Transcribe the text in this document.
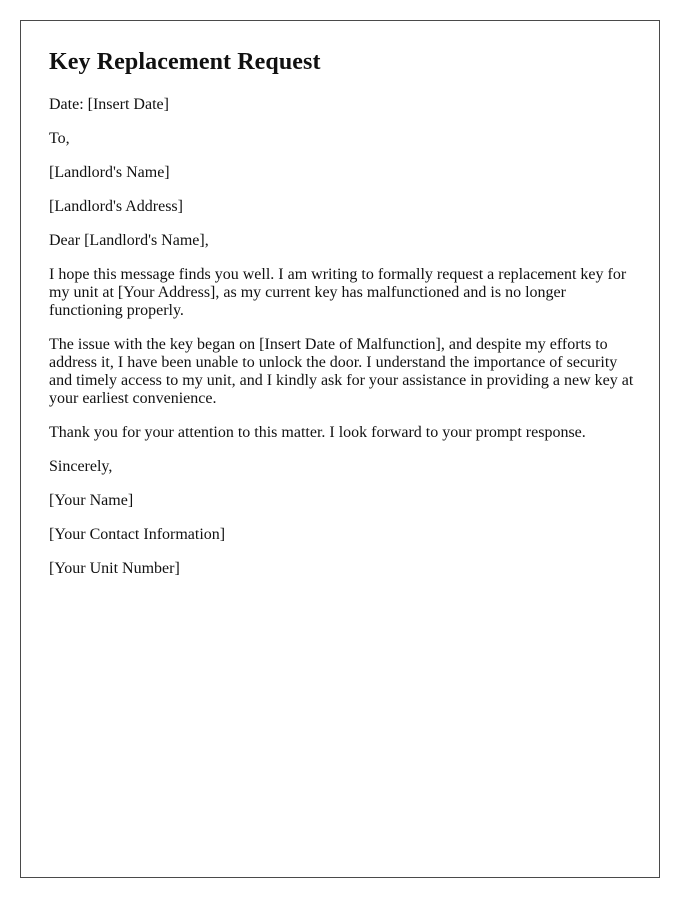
Key Replacement Request

Date: [Insert Date]

To,

[Landlord's Name]

[Landlord's Address]

Dear [Landlord's Name],

I hope this message finds you well. I am writing to formally request a replacement key for my unit at [Your Address], as my current key has malfunctioned and is no longer functioning properly.

The issue with the key began on [Insert Date of Malfunction], and despite my efforts to address it, I have been unable to unlock the door. I understand the importance of security and timely access to my unit, and I kindly ask for your assistance in providing a new key at your earliest convenience.

Thank you for your attention to this matter. I look forward to your prompt response.

Sincerely,

[Your Name]

[Your Contact Information]

[Your Unit Number]
